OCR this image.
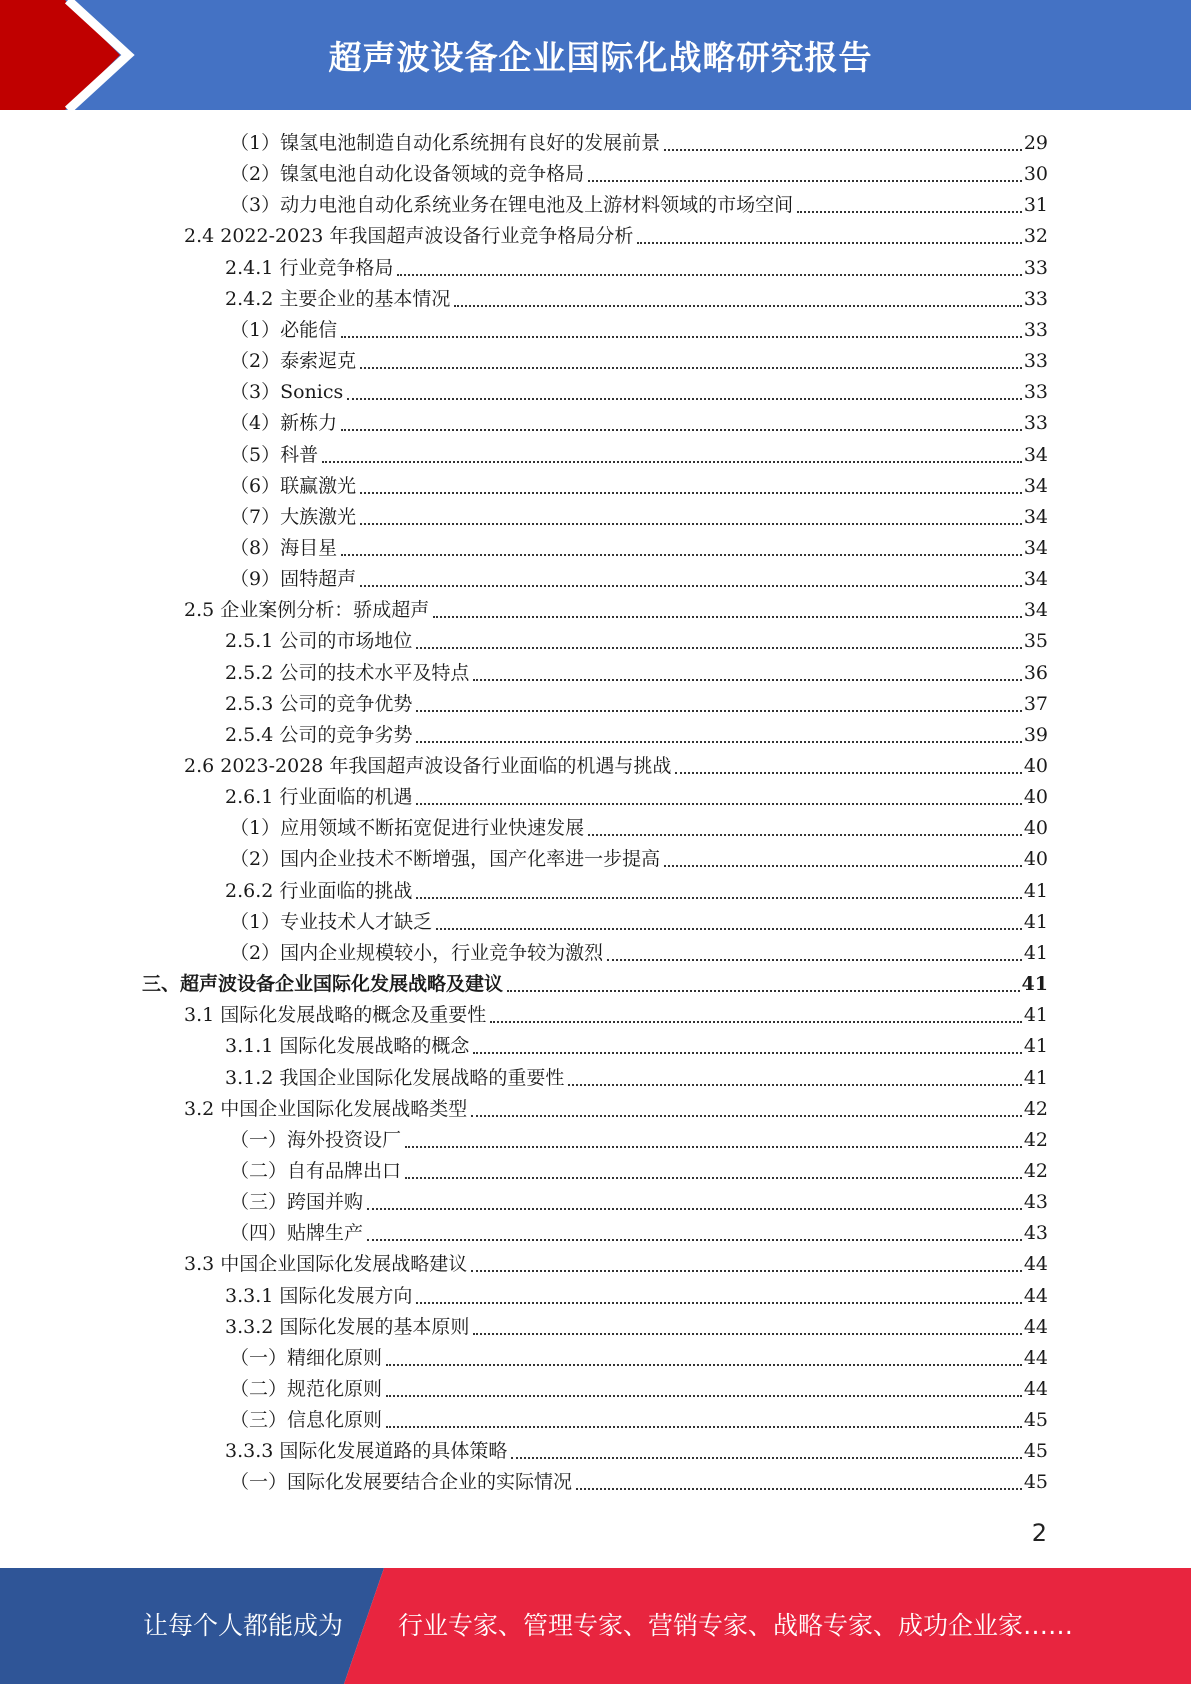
超声波设备企业国际化战略研究报告
（1）镍氢电池制造自动化系统拥有良好的发展前景	29
（2）镍氢电池自动化设备领域的竞争格局	30
（3）动力电池自动化系统业务在锂电池及上游材料领域的市场空间	31
2.4 2022-2023 年我国超声波设备行业竞争格局分析	32
2.4.1 行业竞争格局	33
2.4.2 主要企业的基本情况	33
（1）必能信	33
（2）泰索迡克	33
（3）Sonics	33
（4）新栋力	33
（5）科普	34
（6）联赢激光	34
（7）大族激光	34
（8）海目星	34
（9）固特超声	34
2.5 企业案例分析：骄成超声	34
2.5.1 公司的市场地位	35
2.5.2 公司的技术水平及特点	36
2.5.3 公司的竞争优势	37
2.5.4 公司的竞争劣势	39
2.6 2023-2028 年我国超声波设备行业面临的机遇与挑战	40
2.6.1 行业面临的机遇	40
（1）应用领域不断拓宽促进行业快速发展	40
（2）国内企业技术不断增强，国产化率进一步提高	40
2.6.2 行业面临的挑战	41
（1）专业技术人才缺乏	41
（2）国内企业规模较小，行业竞争较为激烈	41
三、超声波设备企业国际化发展战略及建议	41
3.1 国际化发展战略的概念及重要性	41
3.1.1 国际化发展战略的概念	41
3.1.2 我国企业国际化发展战略的重要性	41
3.2 中国企业国际化发展战略类型	42
（一）海外投资设厂	42
（二）自有品牌出口	42
（三）跨国并购	43
（四）贴牌生产	43
3.3 中国企业国际化发展战略建议	44
3.3.1 国际化发展方向	44
3.3.2 国际化发展的基本原则	44
（一）精细化原则	44
（二）规范化原则	44
（三）信息化原则	45
3.3.3 国际化发展道路的具体策略	45
（一）国际化发展要结合企业的实际情况	45
2
让每个人都能成为 行业专家、管理专家、营销专家、战略专家、成功企业家……
